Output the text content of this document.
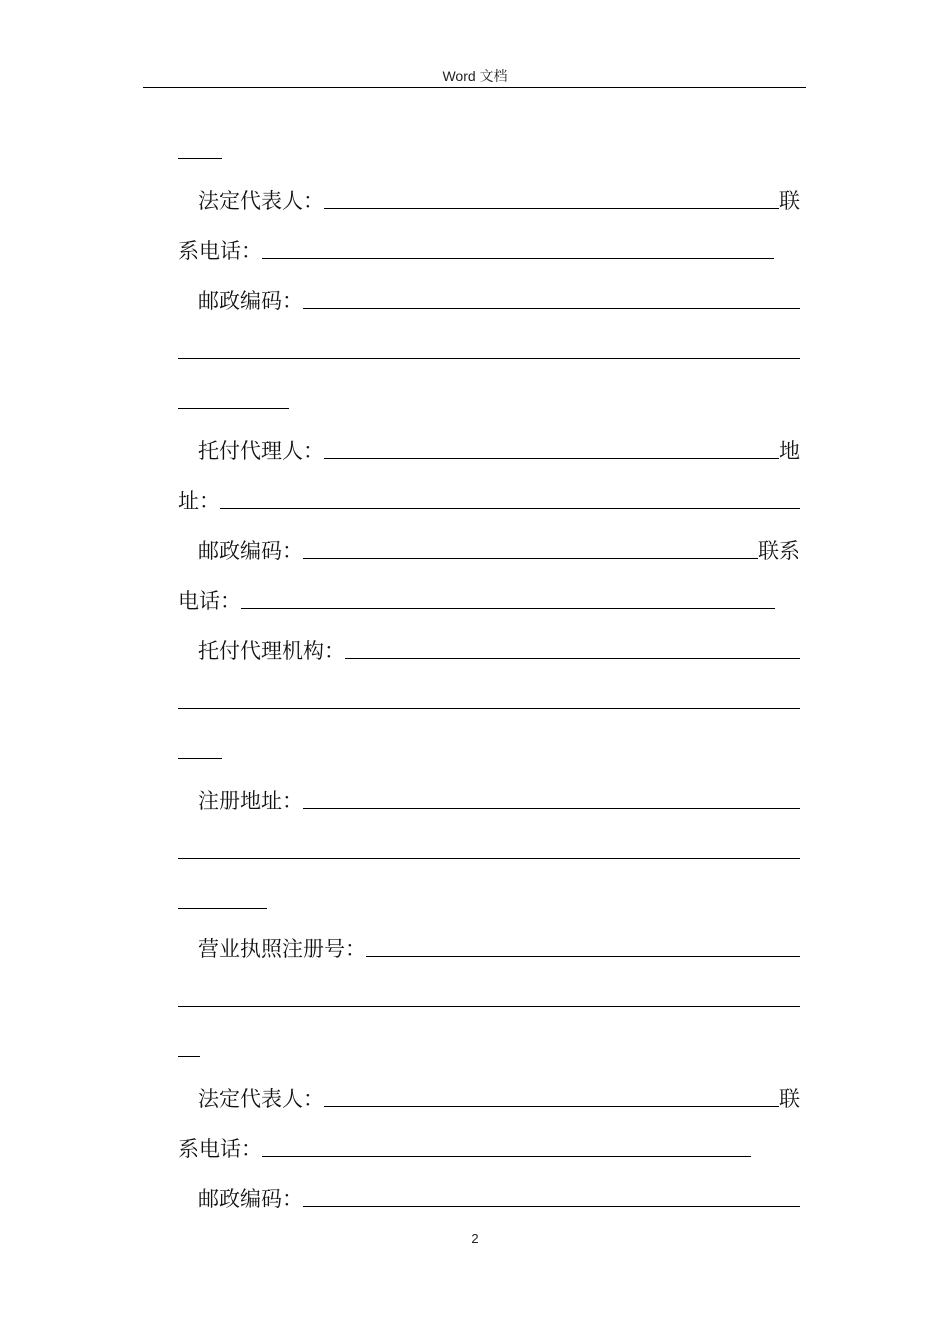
Word 文档
法定代表人：	联
系电话：
邮政编码：
托付代理人：	地
址：
邮政编码：	联系
电话：
托付代理机构：
注册地址：
营业执照注册号：
法定代表人：	联
系电话：
邮政编码：
2
